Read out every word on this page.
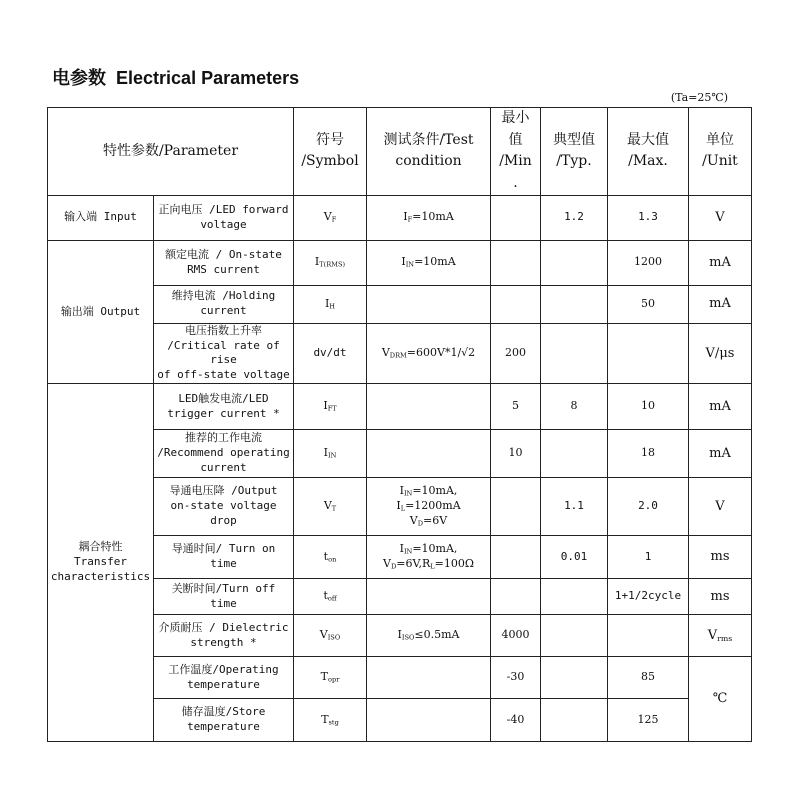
电参数 Electrical Parameters
(Ta=25℃)
特性参数/Parameter		符号
/Symbol	测试条件/Test
condition	最小
值
/Min
.	典型值
/Typ.	最大值
/Max.	单位
/Unit
输入端 Input	正向电压 /LED forward
voltage	$V_F$	$I_F=10mA$		1.2	1.3	V
输出端 Output	额定电流 / On-state
RMS current	$I_{T(RMS)}$	$I_{IN}=10mA$			1200	mA
	维持电流 /Holding
current	$I_H$				50	mA
	电压指数上升率
/Critical rate of rise
of off-state voltage	dv/dt	$V_{DRM}=600V*1/√2$	200			V/μs
耦合特性
Transfer
characteristics	LED触发电流/LED
trigger current *	$I_{FT}$		5	8	10	mA
	推荐的工作电流
/Recommend operating
current	$I_{IN}$		10		18	mA
	导通电压降 /Output
on-state voltage drop	$V_T$	$I_{IN}=10mA$, $I_L=1200mA$
$V_D=6V$		1.1	2.0	V
	导通时间/ Turn on time	$t_{on}$	$I_{IN}=10mA$,
$V_D=6V,R_L=100\Omega$		0.01	1	ms
	关断时间/Turn off
time	$t_{off}$				1+1/2cycle	ms
	介质耐压 / Dielectric
strength *	$V_{ISO}$	$I_{ISO}\le 0.5mA$	4000			$V_{rms}$
	工作温度/Operating
temperature	$T_{opr}$		-30		85	℃
	储存温度/Store
temperature	$T_{stg}$		-40		125	
